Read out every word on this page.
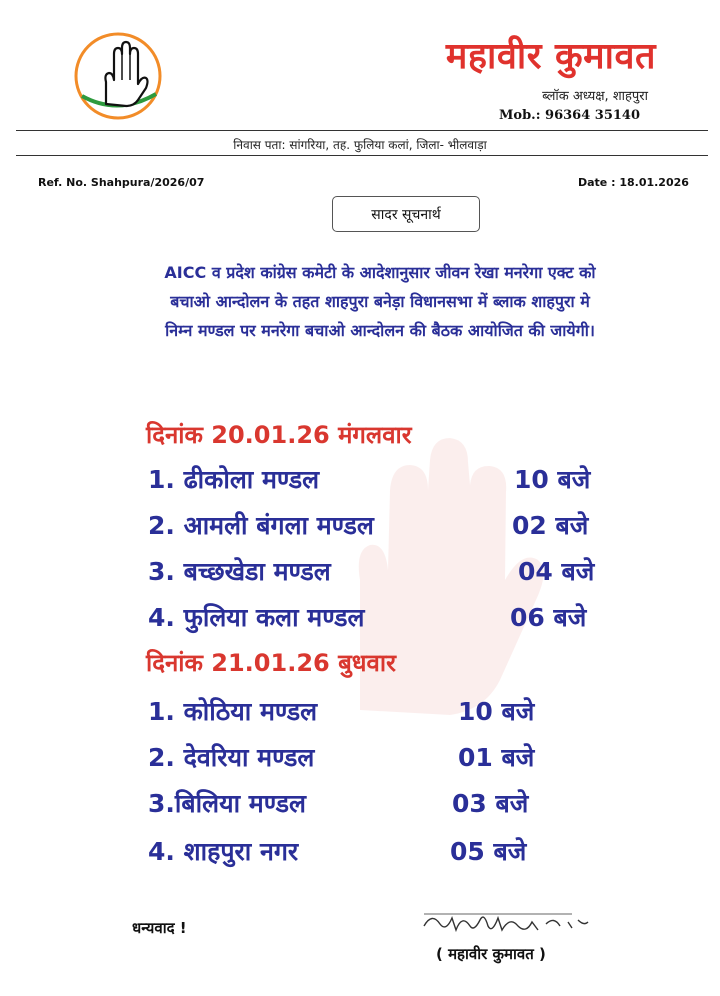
महावीर कुमावत
ब्लॉक अध्यक्ष, शाहपुरा
Mob.: 96364 35140
निवास पता: सांगरिया, तह. फुलिया कलां, जिला- भीलवाड़ा
Ref. No. Shahpura/2026/07	Date : 18.01.2026
सादर सूचनार्थ
AICC व प्रदेश कांग्रेस कमेटी के आदेशानुसार जीवन रेखा मनरेगा एक्ट को
बचाओ आन्दोलन के तहत शाहपुरा बनेड़ा विधानसभा में ब्लाक शाहपुरा मे
निम्न मण्डल पर मनरेगा बचाओ आन्दोलन की बैठक आयोजित की जायेगी।
दिनांक 20.01.26 मंगलवार
1. ढीकोला मण्डल	10 बजे
2. आमली बंगला मण्डल	02 बजे
3. बच्छखेडा मण्डल	04 बजे
4. फुलिया कला मण्डल	06 बजे
दिनांक 21.01.26 बुधवार
1. कोठिया मण्डल	10 बजे
2. देवरिया मण्डल	01 बजे
3.बिलिया मण्डल	03 बजे
4. शाहपुरा नगर	05 बजे
धन्यवाद !
( महावीर कुमावत )
